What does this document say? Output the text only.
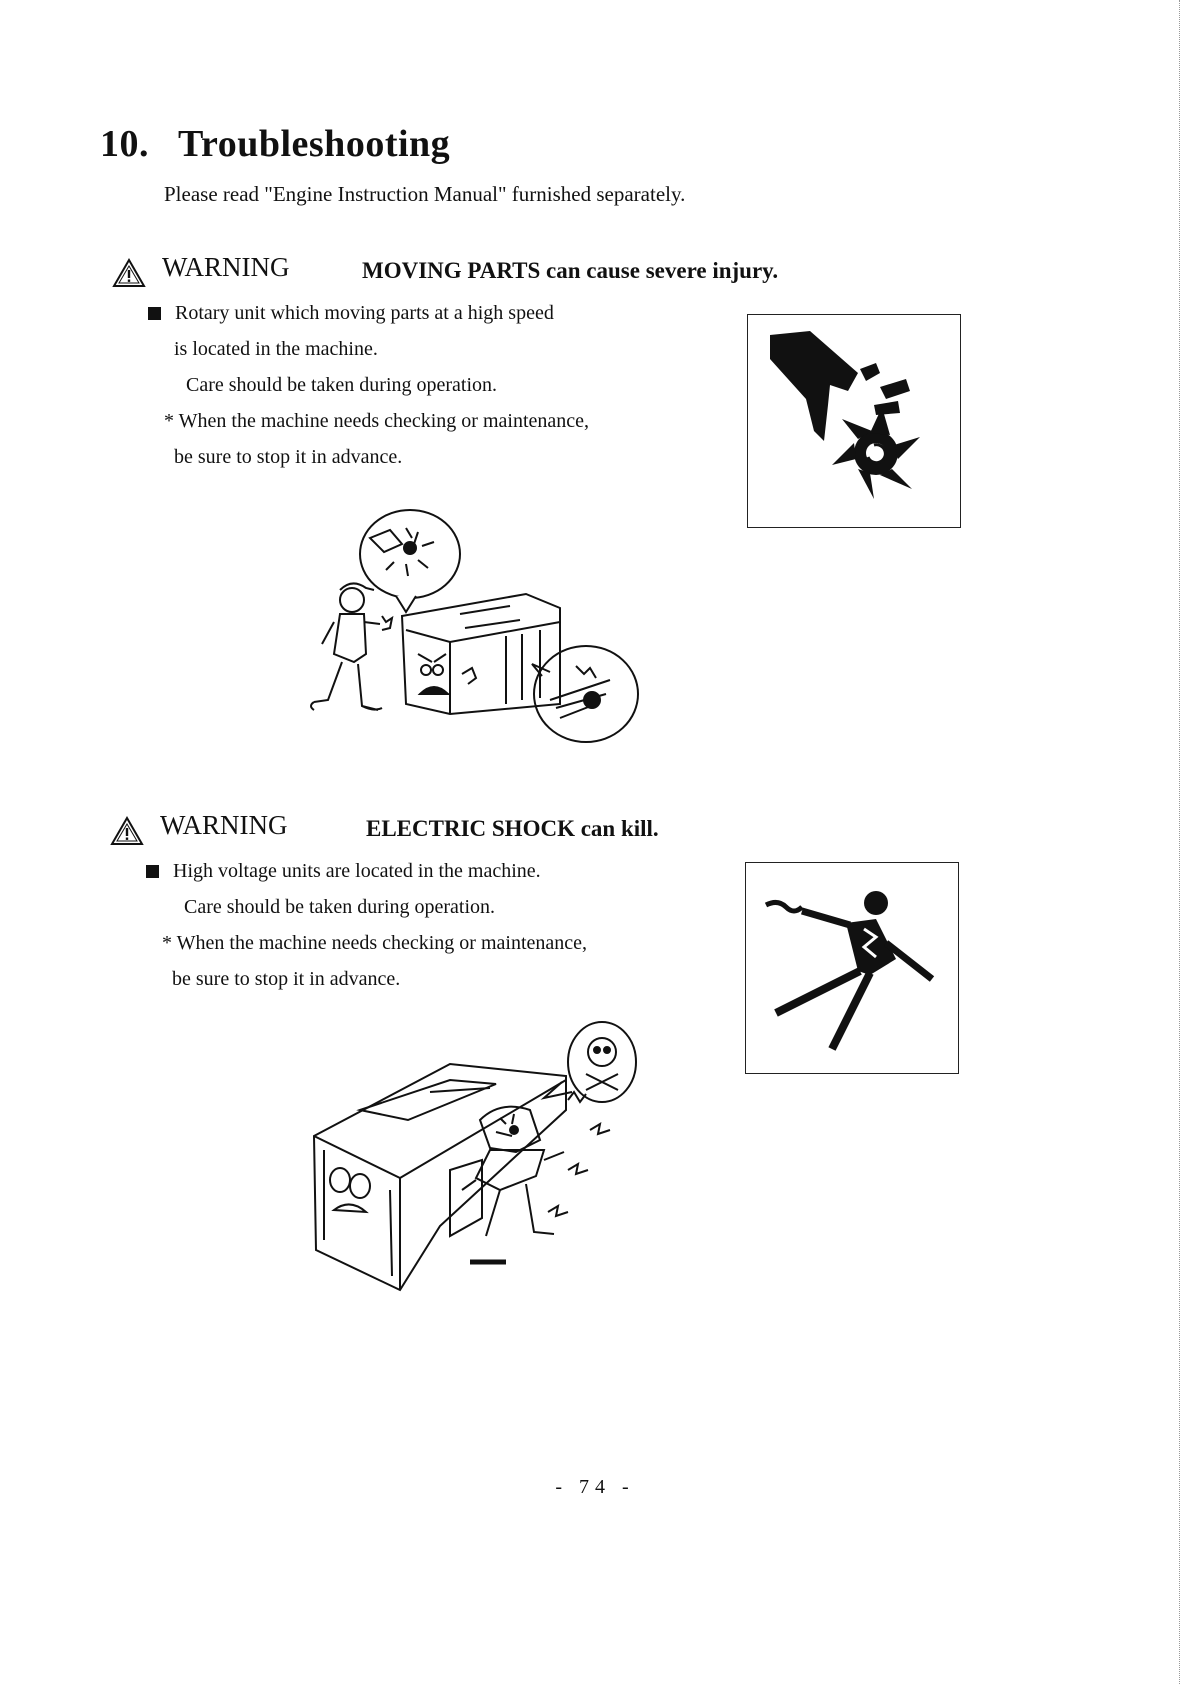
10. Troubleshooting
Please read "Engine Instruction Manual" furnished separately.
WARNING	MOVING PARTS can cause severe injury.
Rotary unit which moving parts at a high speed
is located in the machine.
Care should be taken during operation.
* When the machine needs checking or maintenance,
be sure to stop it in advance.
WARNING	ELECTRIC SHOCK can kill.
High voltage units are located in the machine.
Care should be taken during operation.
* When the machine needs checking or maintenance,
be sure to stop it in advance.
- 74 -
